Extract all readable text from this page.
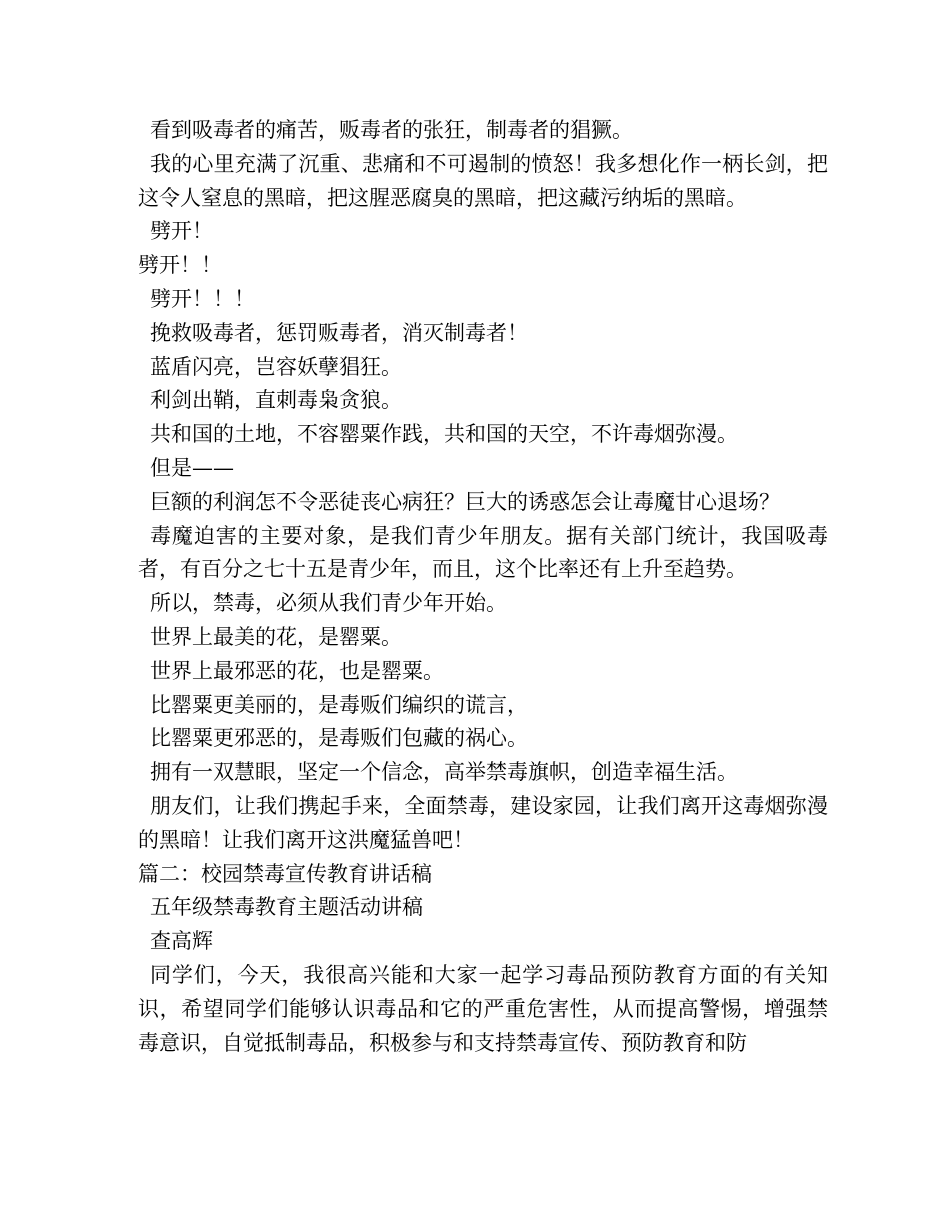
看到吸毒者的痛苦，贩毒者的张狂，制毒者的猖獗。

我的心里充满了沉重、悲痛和不可遏制的愤怒！我多想化作一柄长剑，把这令人窒息的黑暗，把这腥恶腐臭的黑暗，把这藏污纳垢的黑暗。

劈开！

劈开！！

劈开！！！

挽救吸毒者，惩罚贩毒者，消灭制毒者！

蓝盾闪亮，岂容妖孽猖狂。

利剑出鞘，直刺毒枭贪狼。

共和国的土地，不容罂粟作践，共和国的天空，不许毒烟弥漫。

但是——

巨额的利润怎不令恶徒丧心病狂？巨大的诱惑怎会让毒魔甘心退场？

毒魔迫害的主要对象，是我们青少年朋友。据有关部门统计，我国吸毒者，有百分之七十五是青少年，而且，这个比率还有上升至趋势。

所以，禁毒，必须从我们青少年开始。

世界上最美的花，是罂粟。

世界上最邪恶的花，也是罂粟。

比罂粟更美丽的，是毒贩们编织的谎言，

比罂粟更邪恶的，是毒贩们包藏的祸心。

拥有一双慧眼，坚定一个信念，高举禁毒旗帜，创造幸福生活。

朋友们，让我们携起手来，全面禁毒，建设家园，让我们离开这毒烟弥漫的黑暗！让我们离开这洪魔猛兽吧！

篇二：校园禁毒宣传教育讲话稿

五年级禁毒教育主题活动讲稿

查高辉

同学们，今天，我很高兴能和大家一起学习毒品预防教育方面的有关知识，希望同学们能够认识毒品和它的严重危害性，从而提高警惕，增强禁毒意识，自觉抵制毒品，积极参与和支持禁毒宣传、预防教育和防
